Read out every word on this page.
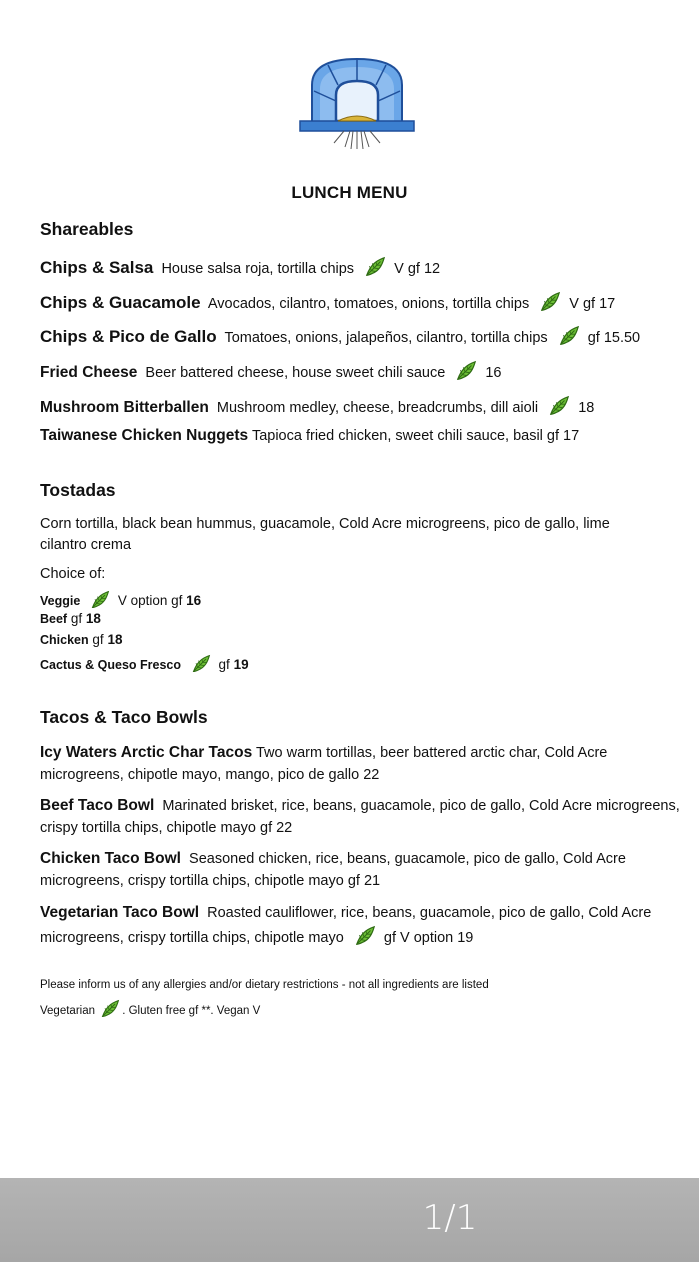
LUNCH MENU
Shareables
Chips & Salsa House salsa roja, tortilla chips	V gf 12
Chips & Guacamole Avocados, cilantro, tomatoes, onions, tortilla chips	V gf 17
Chips & Pico de Gallo Tomatoes, onions, jalapeños, cilantro, tortilla chips	gf 15.50
Fried Cheese Beer battered cheese, house sweet chili sauce	16
Mushroom Bitterballen Mushroom medley, cheese, breadcrumbs, dill aioli	18
Taiwanese Chicken Nuggets Tapioca fried chicken, sweet chili sauce, basil gf 17
Tostadas
Corn tortilla, black bean hummus, guacamole, Cold Acre microgreens, pico de gallo, lime cilantro crema
Choice of:
Veggie	V option gf 16
Beef gf 18
Chicken gf 18
Cactus & Queso Fresco	gf 19
Tacos & Taco Bowls
Icy Waters Arctic Char Tacos Two warm tortillas, beer battered arctic char, Cold Acre microgreens, chipotle mayo, mango, pico de gallo 22
Beef Taco Bowl Marinated brisket, rice, beans, guacamole, pico de gallo, Cold Acre microgreens, crispy tortilla chips, chipotle mayo gf 22
Chicken Taco Bowl Seasoned chicken, rice, beans, guacamole, pico de gallo, Cold Acre microgreens, crispy tortilla chips, chipotle mayo gf 21
Vegetarian Taco Bowl Roasted cauliflower, rice, beans, guacamole, pico de gallo, Cold Acre microgreens, crispy tortilla chips, chipotle mayo	gf V option 19
Please inform us of any allergies and/or dietary restrictions - not all ingredients are listed
Vegetarian . Gluten free gf **. Vegan V
1/1
